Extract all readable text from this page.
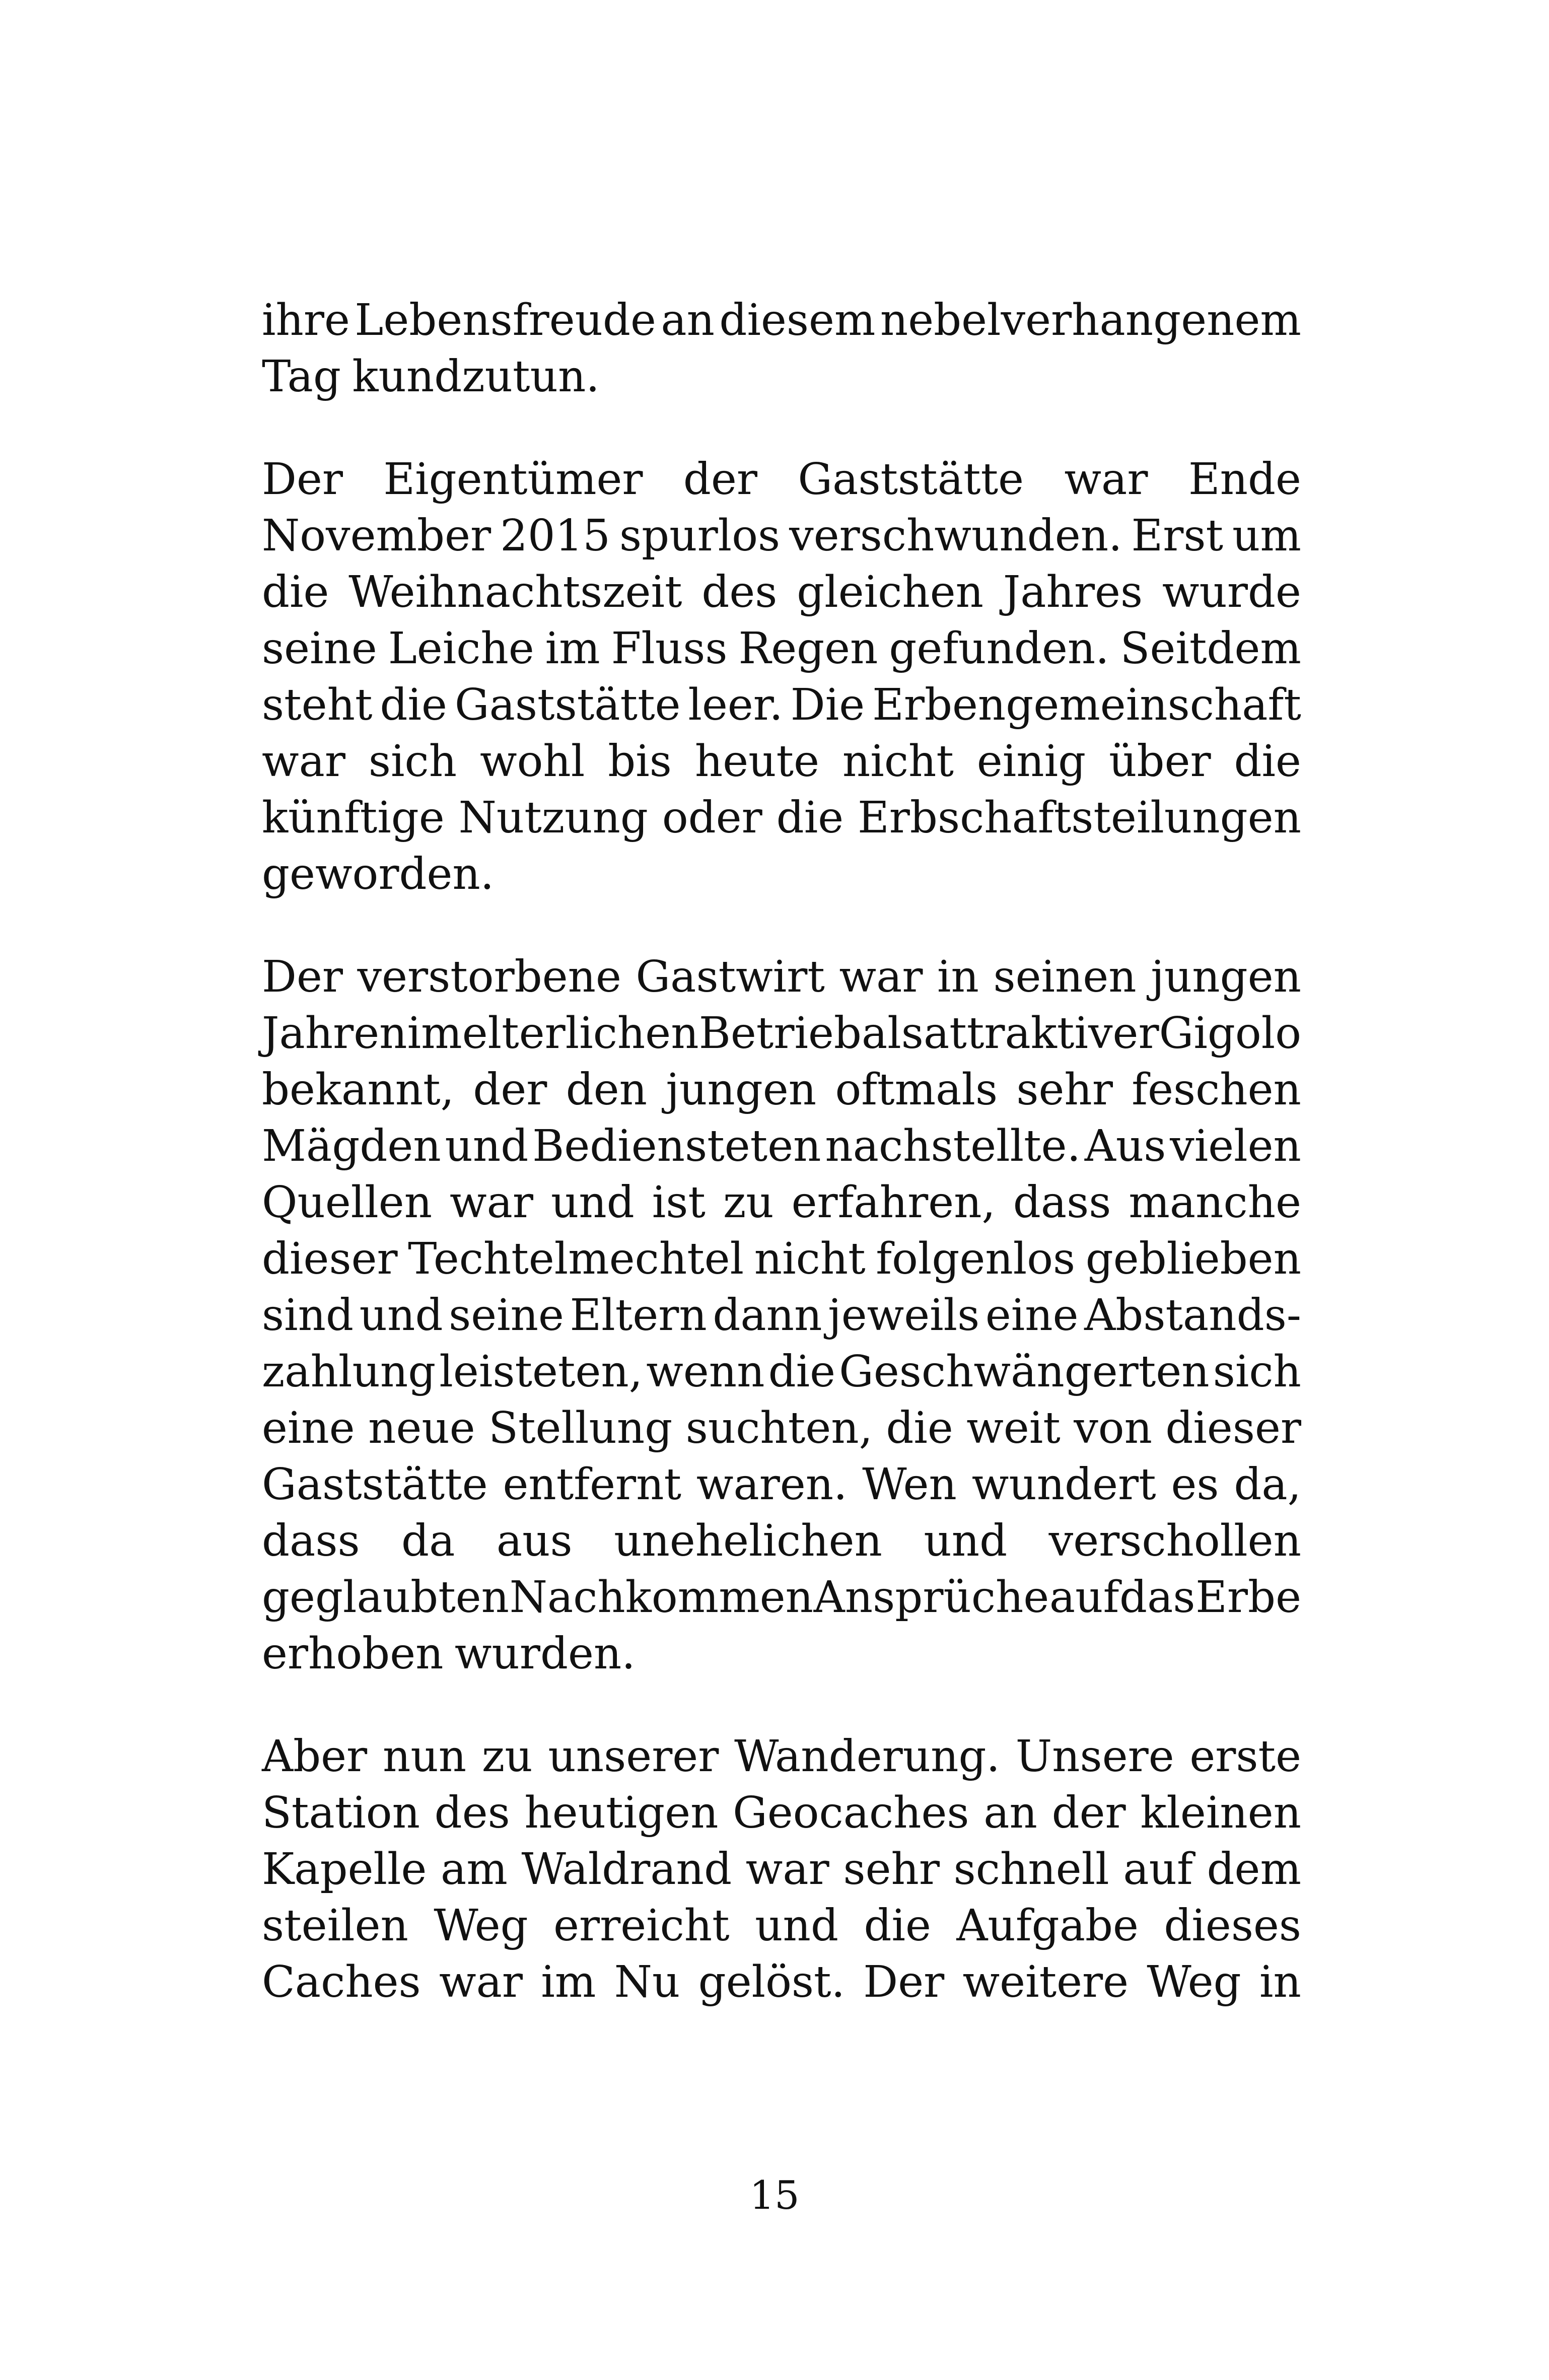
ihre Lebensfreude an diesem nebelverhangenem
Tag kundzutun.
Der Eigentümer der Gaststätte war Ende
November 2015 spurlos verschwunden. Erst um
die Weihnachtszeit des gleichen Jahres wurde
seine Leiche im Fluss Regen gefunden. Seitdem
steht die Gaststätte leer. Die Erbengemeinschaft
war sich wohl bis heute nicht einig über die
künftige Nutzung oder die Erbschaftsteilungen
geworden.
Der verstorbene Gastwirt war in seinen jungen
Jahren im elterlichen Betrieb als attraktiver Gigolo
bekannt, der den jungen oftmals sehr feschen
Mägden und Bediensteten nachstellte. Aus vielen
Quellen war und ist zu erfahren, dass manche
dieser Techtelmechtel nicht folgenlos geblieben
sind und seine Eltern dann jeweils eine Abstands-
zahlung leisteten, wenn die Geschwängerten sich
eine neue Stellung suchten, die weit von dieser
Gaststätte entfernt waren. Wen wundert es da,
dass da aus unehelichen und verschollen
geglaubten Nachkommen Ansprüche auf das Erbe
erhoben wurden.
Aber nun zu unserer Wanderung. Unsere erste
Station des heutigen Geocaches an der kleinen
Kapelle am Waldrand war sehr schnell auf dem
steilen Weg erreicht und die Aufgabe dieses
Caches war im Nu gelöst. Der weitere Weg in
15
